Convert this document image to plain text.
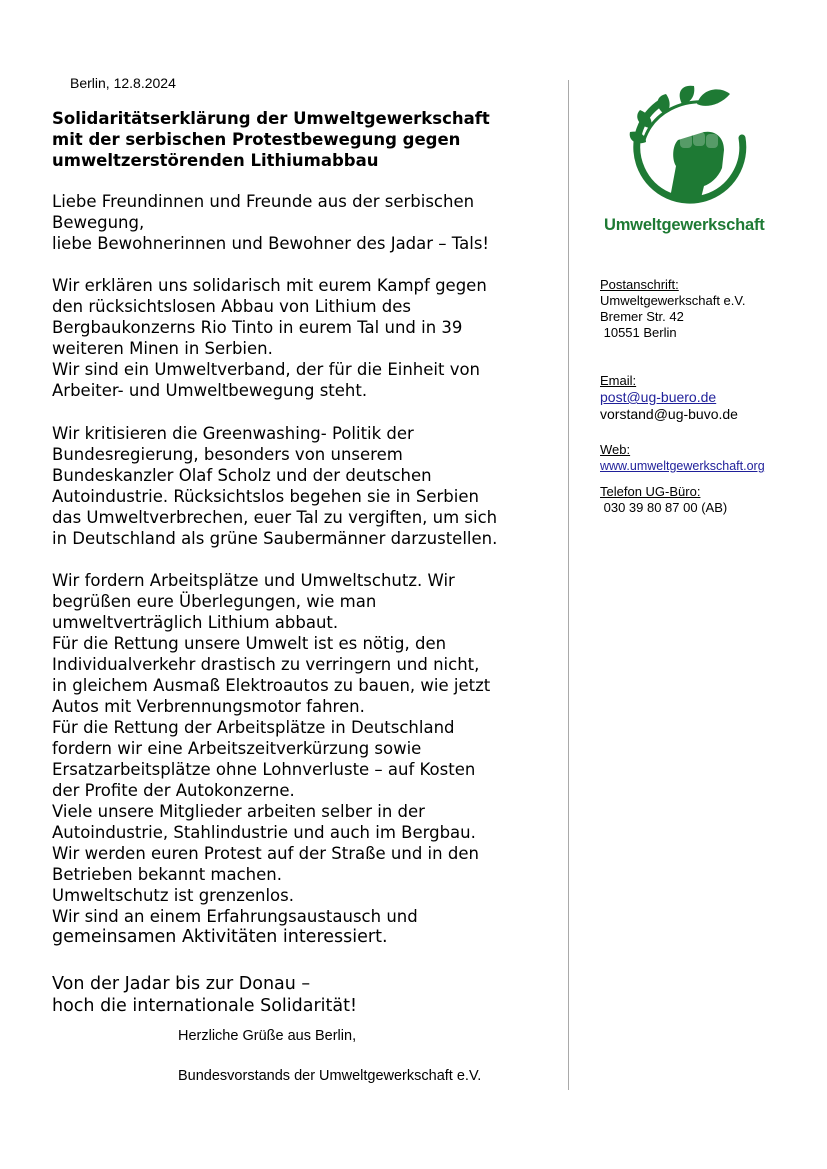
Berlin, 12.8.2024
Solidaritätserklärung der Umweltgewerkschaft
mit der serbischen Protestbewegung gegen
umweltzerstörenden Lithiumabbau

Liebe Freundinnen und Freunde aus der serbischen

Bewegung,

liebe Bewohnerinnen und Bewohner des Jadar – Tals!

Wir erklären uns solidarisch mit eurem Kampf gegen

den rücksichtslosen Abbau von Lithium des

Bergbaukonzerns Rio Tinto in eurem Tal und in 39

weiteren Minen in Serbien.

Wir sind ein Umweltverband, der für die Einheit von

Arbeiter- und Umweltbewegung steht.

Wir kritisieren die Greenwashing- Politik der

Bundesregierung, besonders von unserem

Bundeskanzler Olaf Scholz und der deutschen

Autoindustrie. Rücksichtslos begehen sie in Serbien

das Umweltverbrechen, euer Tal zu vergiften, um sich

in Deutschland als grüne Saubermänner darzustellen.

Wir fordern Arbeitsplätze und Umweltschutz. Wir

begrüßen eure Überlegungen, wie man

umweltverträglich Lithium abbaut.

Für die Rettung unsere Umwelt ist es nötig, den

Individualverkehr drastisch zu verringern und nicht,

in gleichem Ausmaß Elektroautos zu bauen, wie jetzt

Autos mit Verbrennungsmotor fahren.

Für die Rettung der Arbeitsplätze in Deutschland

fordern wir eine Arbeitszeitverkürzung sowie

Ersatzarbeitsplätze ohne Lohnverluste – auf Kosten

der Profite der Autokonzerne.

Viele unsere Mitglieder arbeiten selber in der

Autoindustrie, Stahlindustrie und auch im Bergbau.

Wir werden euren Protest auf der Straße und in den

Betrieben bekannt machen.

Umweltschutz ist grenzenlos.

Wir sind an einem Erfahrungsaustausch und

gemeinsamen Aktivitäten interessiert.

Von der Jadar bis zur Donau –

hoch die internationale Solidarität!

Herzliche Grüße aus Berlin,
Bundesvorstands der Umweltgewerkschaft e.V.
Umweltgewerkschaft
Postanschrift:
Umweltgewerkschaft e.V.
Bremer Str. 42
10551 Berlin
Email:
post@ug-buero.de
vorstand@ug-buvo.de
Web:
www.umweltgewerkschaft.org
Telefon UG-Büro:
030 39 80 87 00 (AB)
